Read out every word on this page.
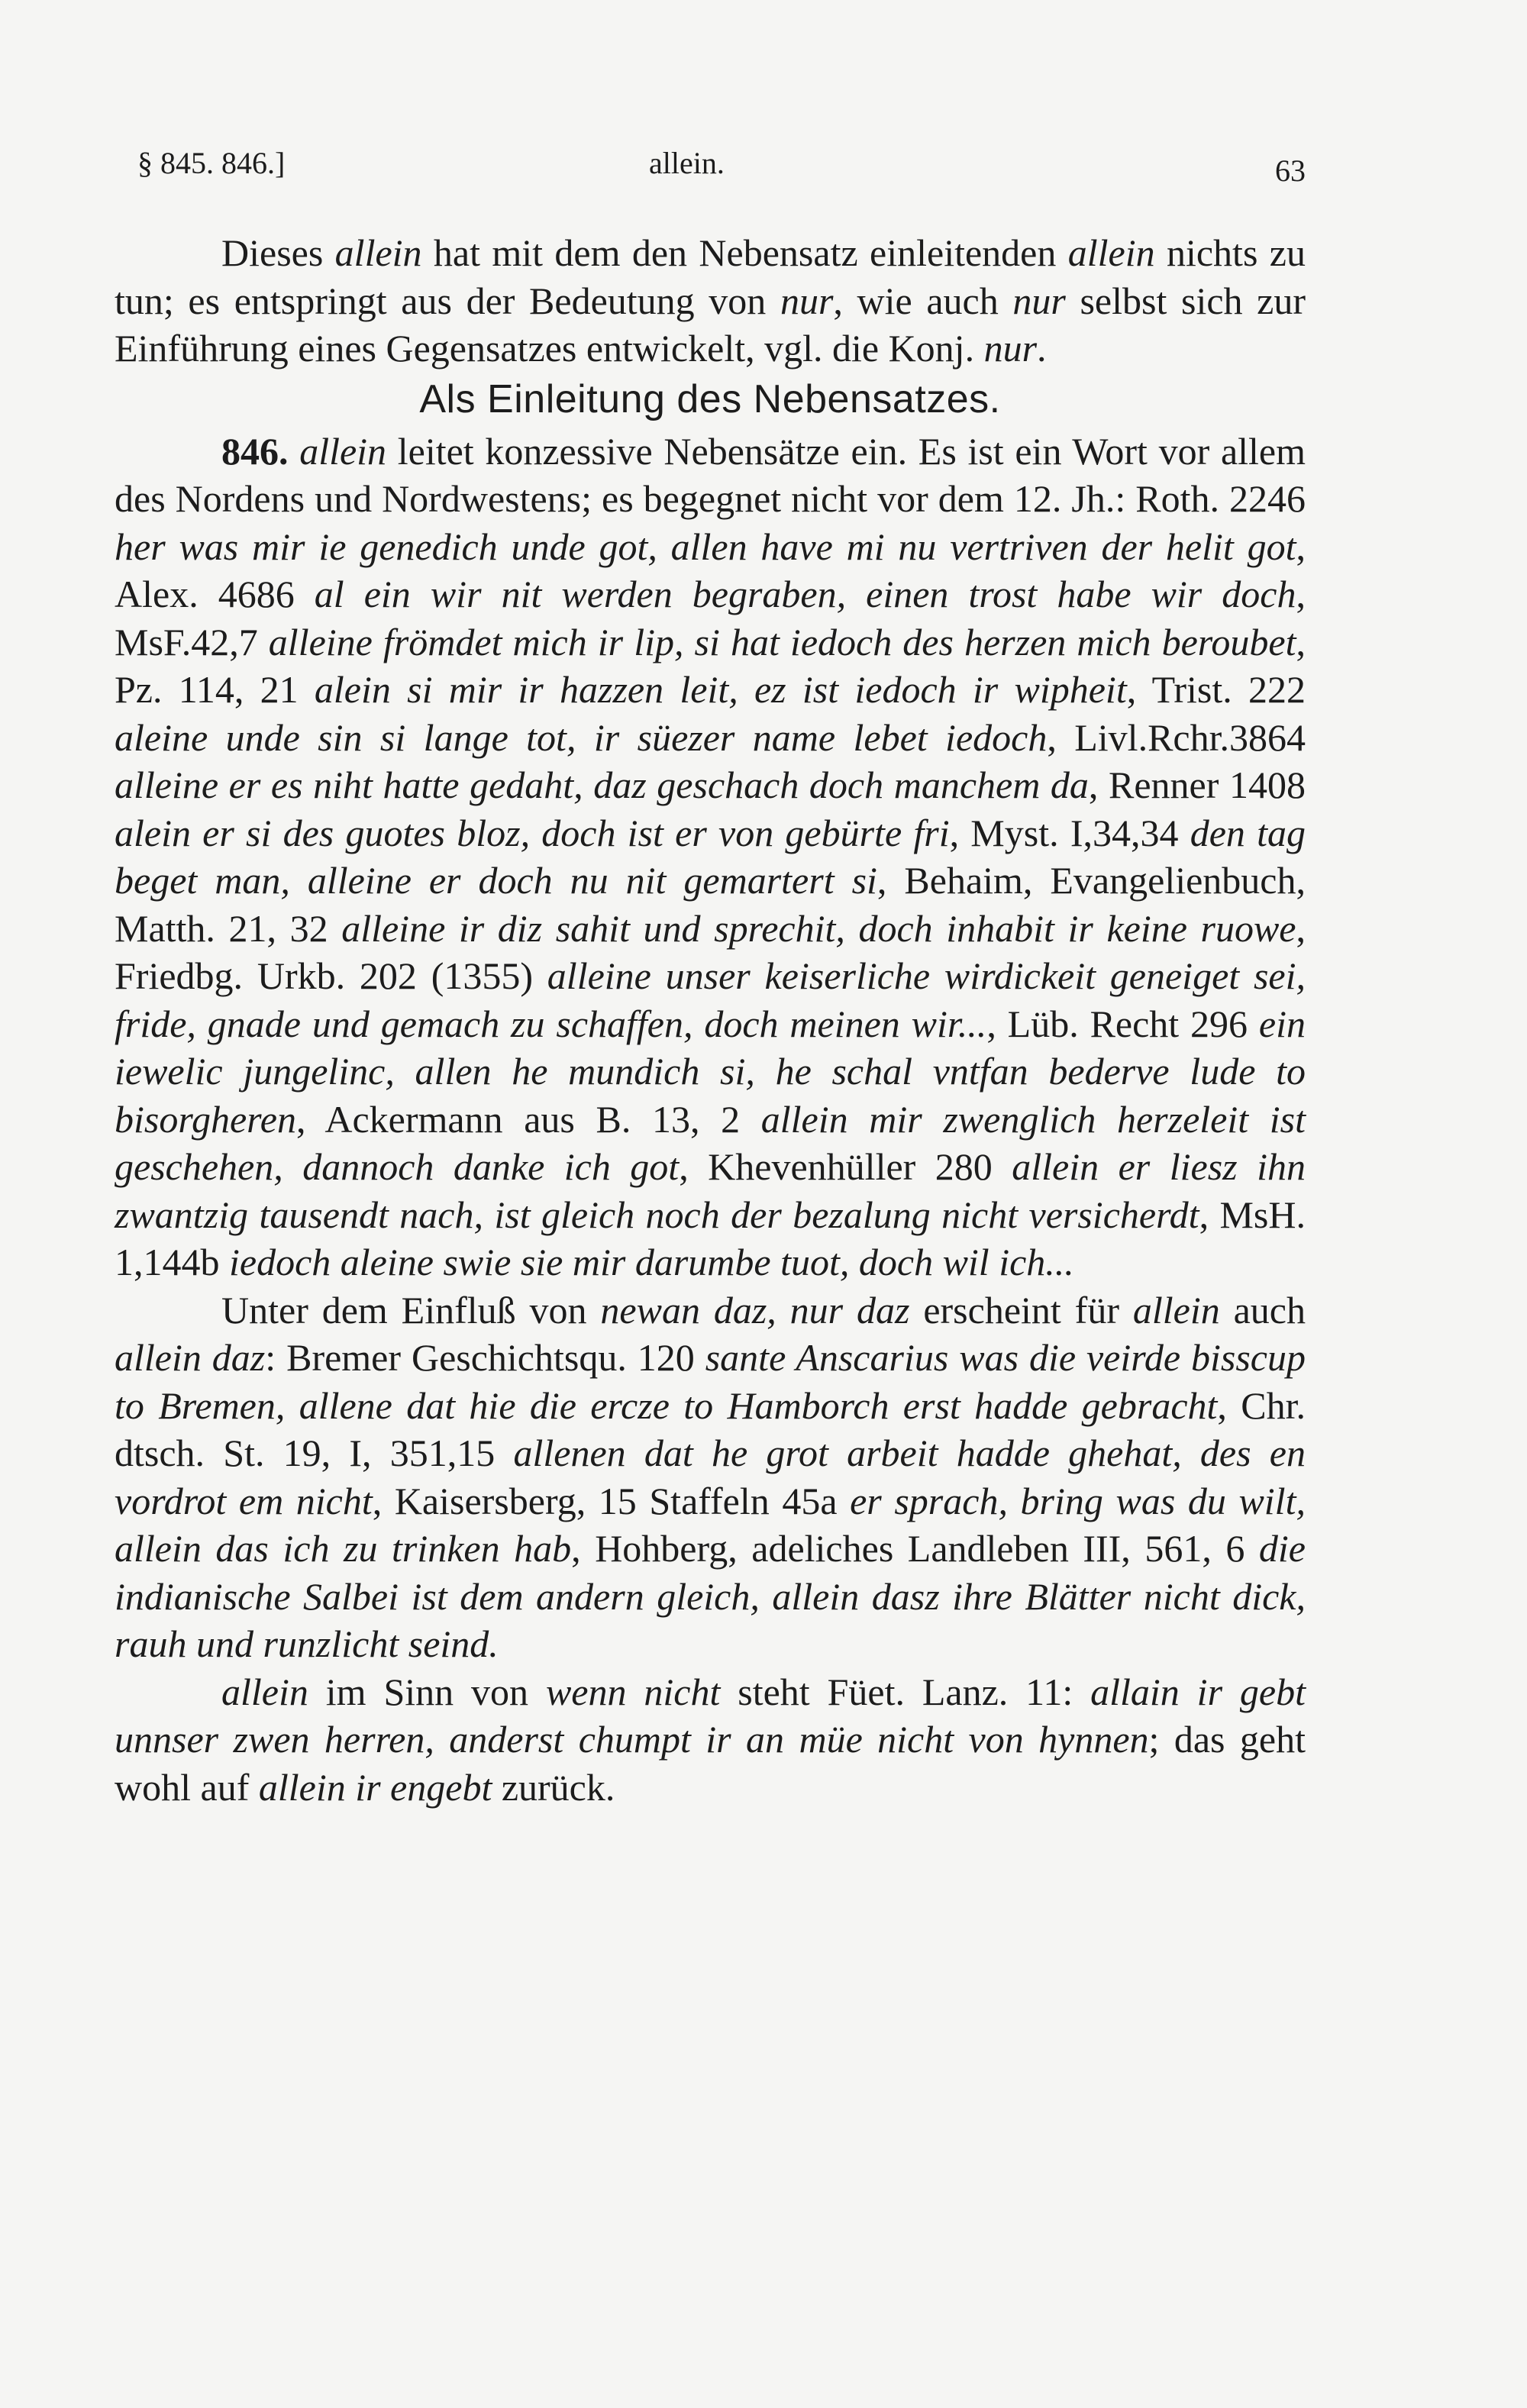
§ 845. 846.]	allein.	63

Dieses allein hat mit dem den Nebensatz einleitenden allein nichts zu tun; es entspringt aus der Bedeutung von nur, wie auch nur selbst sich zur Einführung eines Gegensatzes entwickelt, vgl. die Konj. nur.

Als Einleitung des Nebensatzes.

846. allein leitet konzessive Nebensätze ein. Es ist ein Wort vor allem des Nordens und Nordwestens; es begegnet nicht vor dem 12. Jh.: Roth. 2246 her was mir ie genedich unde got, allen have mi nu vertriven der helit got, Alex. 4686 al ein wir nit werden begraben, einen trost habe wir doch, MsF.42,7 alleine frömdet mich ir lip, si hat iedoch des herzen mich beroubet, Pz. 114, 21 alein si mir ir hazzen leit, ez ist iedoch ir wipheit, Trist. 222 aleine unde sin si lange tot, ir süezer name lebet iedoch, Livl.Rchr.3864 alleine er es niht hatte gedaht, daz geschach doch manchem da, Renner 1408 alein er si des guotes bloz, doch ist er von gebürte fri, Myst. I,34,34 den tag beget man, alleine er doch nu nit gemartert si, Behaim, Evangelienbuch, Matth. 21, 32 alleine ir diz sahit und sprechit, doch inhabit ir keine ruowe, Friedbg. Urkb. 202 (1355) alleine unser keiserliche wirdickeit geneiget sei, fride, gnade und gemach zu schaffen, doch meinen wir..., Lüb. Recht 296 ein iewelic jungelinc, allen he mundich si, he schal vntfan bederve lude to bisorgheren, Ackermann aus B. 13, 2 allein mir zwenglich herzeleit ist geschehen, dannoch danke ich got, Khevenhüller 280 allein er liesz ihn zwantzig tausendt nach, ist gleich noch der bezalung nicht versicherdt, MsH. 1,144b iedoch aleine swie sie mir darumbe tuot, doch wil ich...

Unter dem Einfluß von newan daz, nur daz erscheint für allein auch allein daz: Bremer Geschichtsqu. 120 sante Anscarius was die veirde bisscup to Bremen, allene dat hie die ercze to Hamborch erst hadde gebracht, Chr. dtsch. St. 19, I, 351,15 allenen dat he grot arbeit hadde ghehat, des en vordrot em nicht, Kaisersberg, 15 Staffeln 45a er sprach, bring was du wilt, allein das ich zu trinken hab, Hohberg, adeliches Landleben III, 561, 6 die indianische Salbei ist dem andern gleich, allein dasz ihre Blätter nicht dick, rauh und runzlicht seind.

allein im Sinn von wenn nicht steht Füet. Lanz. 11: allain ir gebt unnser zwen herren, anderst chumpt ir an müe nicht von hynnen; das geht wohl auf allein ir engebt zurück.
